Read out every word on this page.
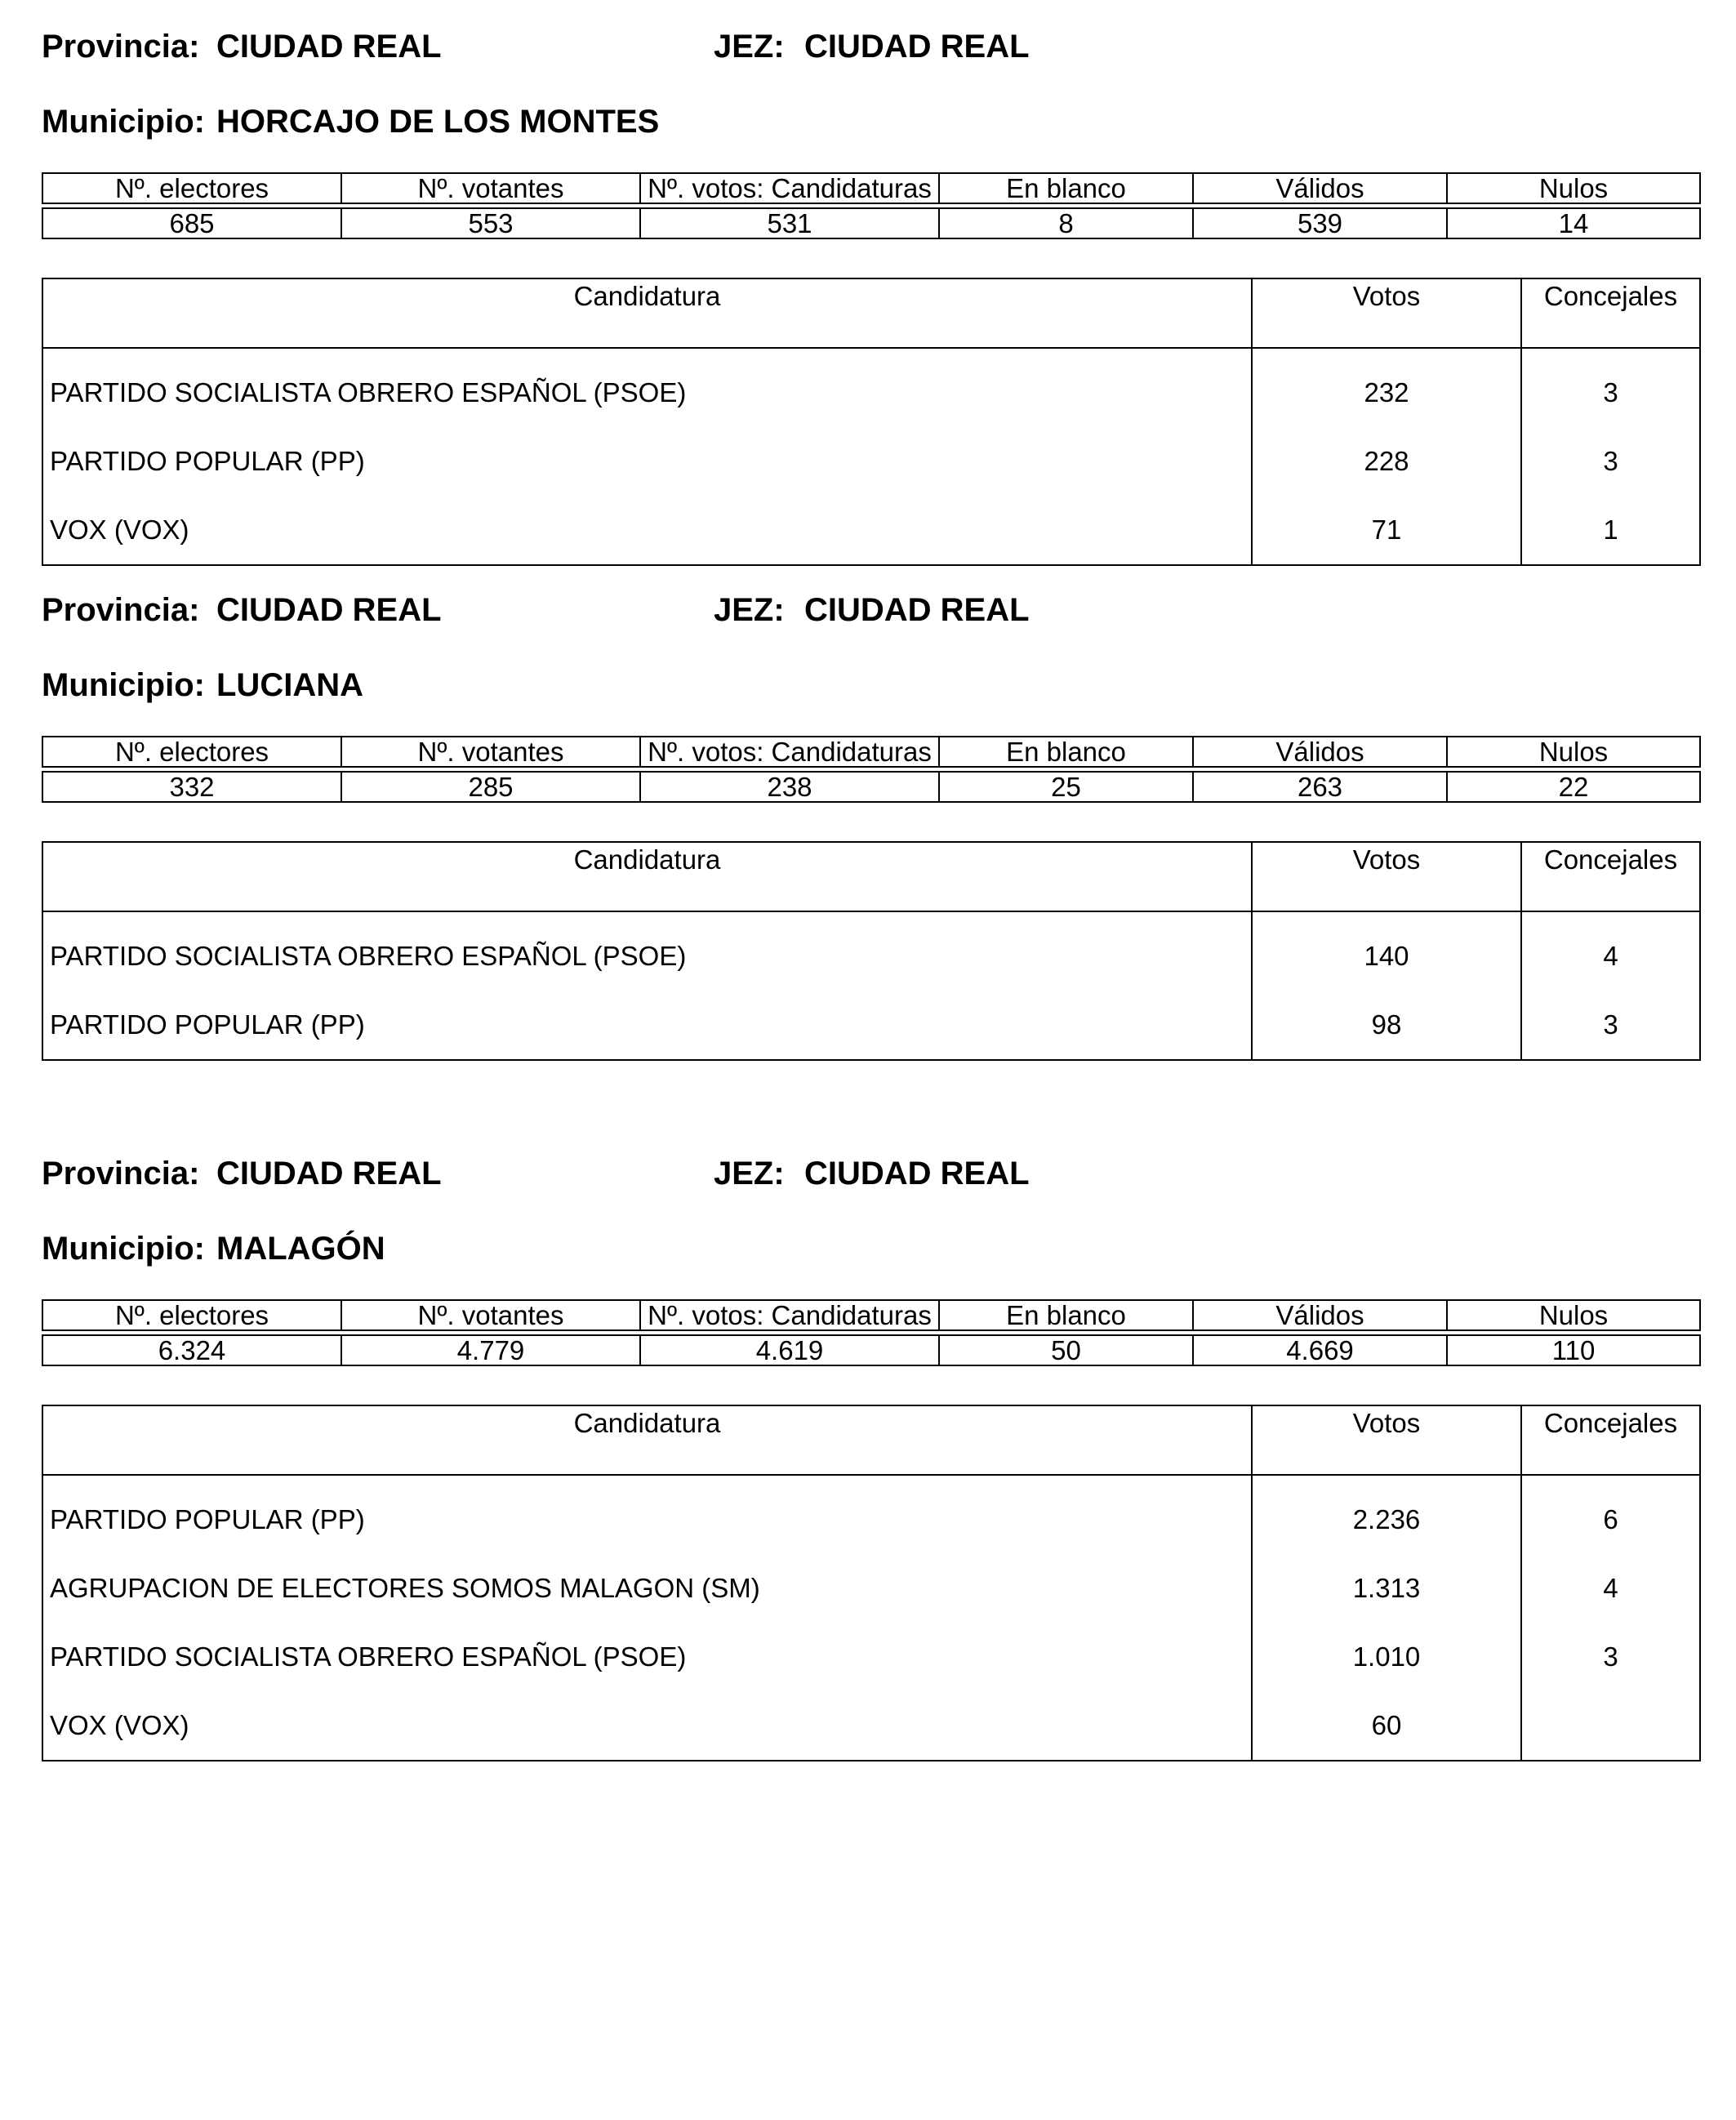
Provincia: CIUDAD REAL	JEZ: CIUDAD REAL
Municipio: HORCAJO DE LOS MONTES
Nº. electores	Nº. votantes	Nº. votos: Candidaturas	En blanco	Válidos	Nulos

685	553	531	8	539	14
Candidatura	Votos	Concejales
PARTIDO SOCIALISTA OBRERO ESPAÑOL (PSOE)	232	3
PARTIDO POPULAR (PP)	228	3
VOX (VOX)	71	1
Provincia: CIUDAD REAL	JEZ: CIUDAD REAL
Municipio: LUCIANA
Nº. electores	Nº. votantes	Nº. votos: Candidaturas	En blanco	Válidos	Nulos

332	285	238	25	263	22
Candidatura	Votos	Concejales
PARTIDO SOCIALISTA OBRERO ESPAÑOL (PSOE)	140	4
PARTIDO POPULAR (PP)	98	3
Provincia: CIUDAD REAL	JEZ: CIUDAD REAL
Municipio: MALAGÓN
Nº. electores	Nº. votantes	Nº. votos: Candidaturas	En blanco	Válidos	Nulos

6.324	4.779	4.619	50	4.669	110
Candidatura	Votos	Concejales
PARTIDO POPULAR (PP)	2.236	6
AGRUPACION DE ELECTORES SOMOS MALAGON (SM)	1.313	4
PARTIDO SOCIALISTA OBRERO ESPAÑOL (PSOE)	1.010	3
VOX (VOX)	60	
